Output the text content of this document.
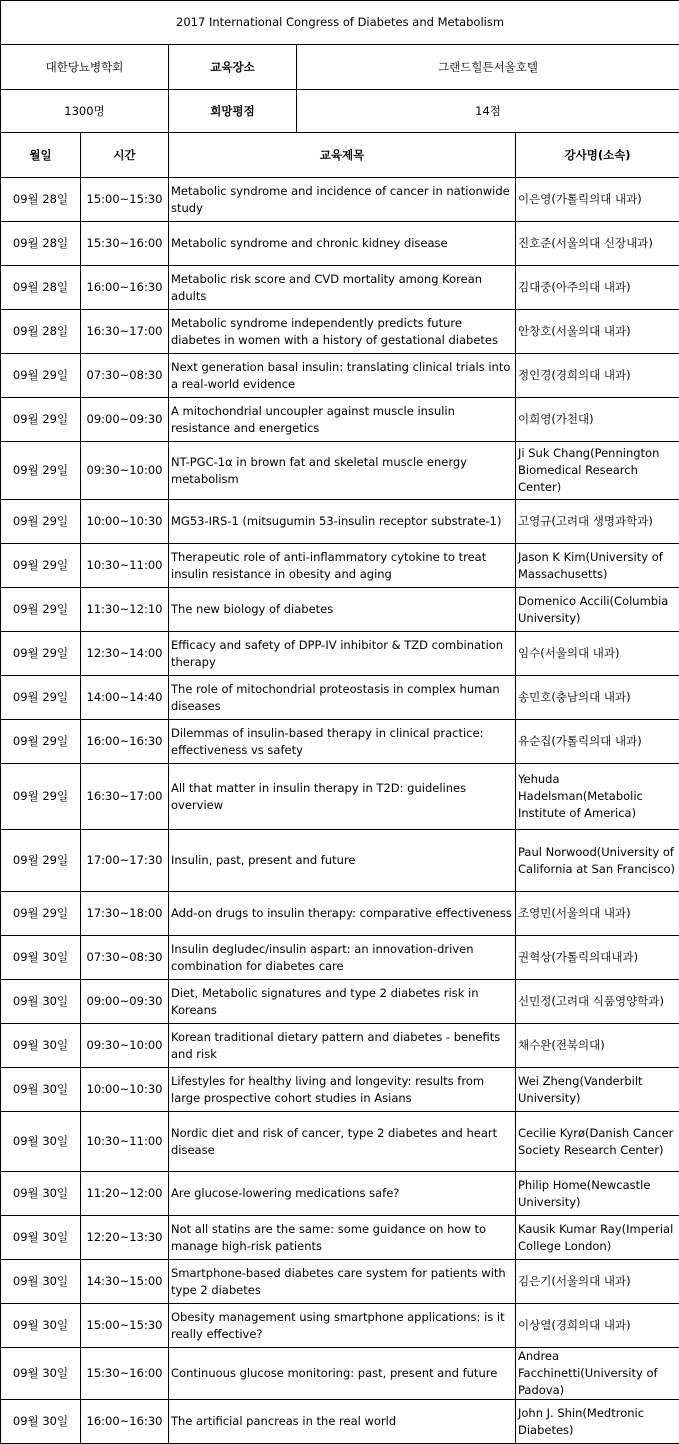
2017 International Congress of Diabetes and Metabolism				
대한당뇨병학회		교육장소	그랜드힐튼서울호텔	
1300명		희망평점	14점	
월일	시간	교육제목		강사명(소속)
09월 28일	15:00~15:30	Metabolic syndrome and incidence of cancer in nationwide study		이은영(가톨릭의대 내과)
09월 28일	15:30~16:00	Metabolic syndrome and chronic kidney disease		진호준(서울의대 신장내과)
09월 28일	16:00~16:30	Metabolic risk score and CVD mortality among Korean adults		김대중(아주의대 내과)
09월 28일	16:30~17:00	Metabolic syndrome independently predicts future diabetes in women with a history of gestational diabetes		안창호(서울의대 내과)
09월 29일	07:30~08:30	Next generation basal insulin: translating clinical trials into a real-world evidence		정인경(경희의대 내과)
09월 29일	09:00~09:30	A mitochondrial uncoupler against muscle insulin resistance and energetics		이희영(가천대)
09월 29일	09:30~10:00	NT-PGC-1α in brown fat and skeletal muscle energy metabolism		Ji Suk Chang(Pennington Biomedical Research Center)
09월 29일	10:00~10:30	MG53-IRS-1 (mitsugumin 53-insulin receptor substrate-1)		고영규(고려대 생명과학과)
09월 29일	10:30~11:00	Therapeutic role of anti-inflammatory cytokine to treat insulin resistance in obesity and aging		Jason K Kim(University of Massachusetts)
09월 29일	11:30~12:10	The new biology of diabetes		Domenico Accili(Columbia University)
09월 29일	12:30~14:00	Efficacy and safety of DPP-IV inhibitor & TZD combination therapy		임수(서울의대 내과)
09월 29일	14:00~14:40	The role of mitochondrial proteostasis in complex human diseases		송민호(충남의대 내과)
09월 29일	16:00~16:30	Dilemmas of insulin-based therapy in clinical practice: effectiveness vs safety		유순집(가톨릭의대 내과)
09월 29일	16:30~17:00	All that matter in insulin therapy in T2D: guidelines overview		Yehuda Hadelsman(Metabolic Institute of America)
09월 29일	17:00~17:30	Insulin, past, present and future		Paul Norwood(University of California at San Francisco)
09월 29일	17:30~18:00	Add-on drugs to insulin therapy: comparative effectiveness		조영민(서울의대 내과)
09월 30일	07:30~08:30	Insulin degludec/insulin aspart: an innovation-driven combination for diabetes care		권혁상(가톨릭의대내과)
09월 30일	09:00~09:30	Diet, Metabolic signatures and type 2 diabetes risk in Koreans		신민정(고려대 식품영양학과)
09월 30일	09:30~10:00	Korean traditional dietary pattern and diabetes - benefits and risk		채수완(전북의대)
09월 30일	10:00~10:30	Lifestyles for healthy living and longevity: results from large prospective cohort studies in Asians		Wei Zheng(Vanderbilt University)
09월 30일	10:30~11:00	Nordic diet and risk of cancer, type 2 diabetes and heart disease		Cecilie Kyrø(Danish Cancer Society Research Center)
09월 30일	11:20~12:00	Are glucose-lowering medications safe?		Philip Home(Newcastle University)
09월 30일	12:20~13:30	Not all statins are the same: some guidance on how to manage high-risk patients		Kausik Kumar Ray(Imperial College London)
09월 30일	14:30~15:00	Smartphone-based diabetes care system for patients with type 2 diabetes		김은기(서울의대 내과)
09월 30일	15:00~15:30	Obesity management using smartphone applications: is it really effective?		이상열(경희의대 내과)
09월 30일	15:30~16:00	Continuous glucose monitoring: past, present and future		Andrea Facchinetti(University of Padova)
09월 30일	16:00~16:30	The artificial pancreas in the real world		John J. Shin(Medtronic Diabetes)
